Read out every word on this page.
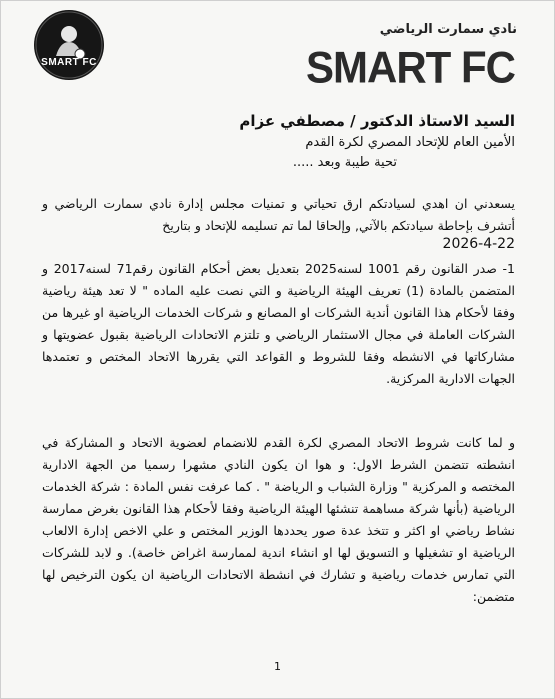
SMART FC
نادي سمارت الرياضي
SMART FC
السيد الاستاذ الدكتور / مصطفي عزام
الأمين العام للإتحاد المصري لكرة القدم
تحية طيبة وبعد .....
يسعدني ان اهدي لسيادتكم ارق تحياتي و تمنيات مجلس إدارة نادي سمارت الرياضي و أتشرف بإحاطة سيادتكم بالآتي, وإلحاقا لما تم تسليمه للإتحاد و بتاريخ
2026-4-22
1- صدر القانون رقم 1001 لسنه2025 بتعديل بعض أحكام القانون رقم71 لسنه2017 و المتضمن بالمادة (1) تعريف الهيئة الرياضية و التي نصت عليه الماده " لا تعد هيئة رياضية وفقا لأحكام هذا القانون أندية الشركات او المصانع و شركات الخدمات الرياضية او غيرها من الشركات العاملة في مجال الاستثمار الرياضي و تلتزم الاتحادات الرياضية بقبول عضويتها و مشاركاتها في الانشطه وفقا للشروط و القواعد التي يقررها الاتحاد المختص و تعتمدها الجهات الادارية المركزية.
و لما كانت شروط الاتحاد المصري لكرة القدم للانضمام لعضوية الاتحاد و المشاركة في انشطته تتضمن الشرط الاول: و هوا ان يكون النادي مشهرا رسميا من الجهة الادارية المختصه و المركزية " وزارة الشباب و الرياضة " . كما عرفت نفس المادة : شركة الخدمات الرياضية (بأنها شركة مساهمة تنشئها الهيئة الرياضية وفقا لأحكام هذا القانون بغرض ممارسة نشاط رياضي او اكثر و تتخذ عدة صور يحددها الوزير المختص و علي الاخص إدارة الالعاب الرياضية او تشغيلها و التسويق لها او انشاء اندية لممارسة اغراض خاصة). و لابد للشركات التي تمارس خدمات رياضية و تشارك في انشطة الاتحادات الرياضية ان يكون الترخيص لها متضمن:
1
